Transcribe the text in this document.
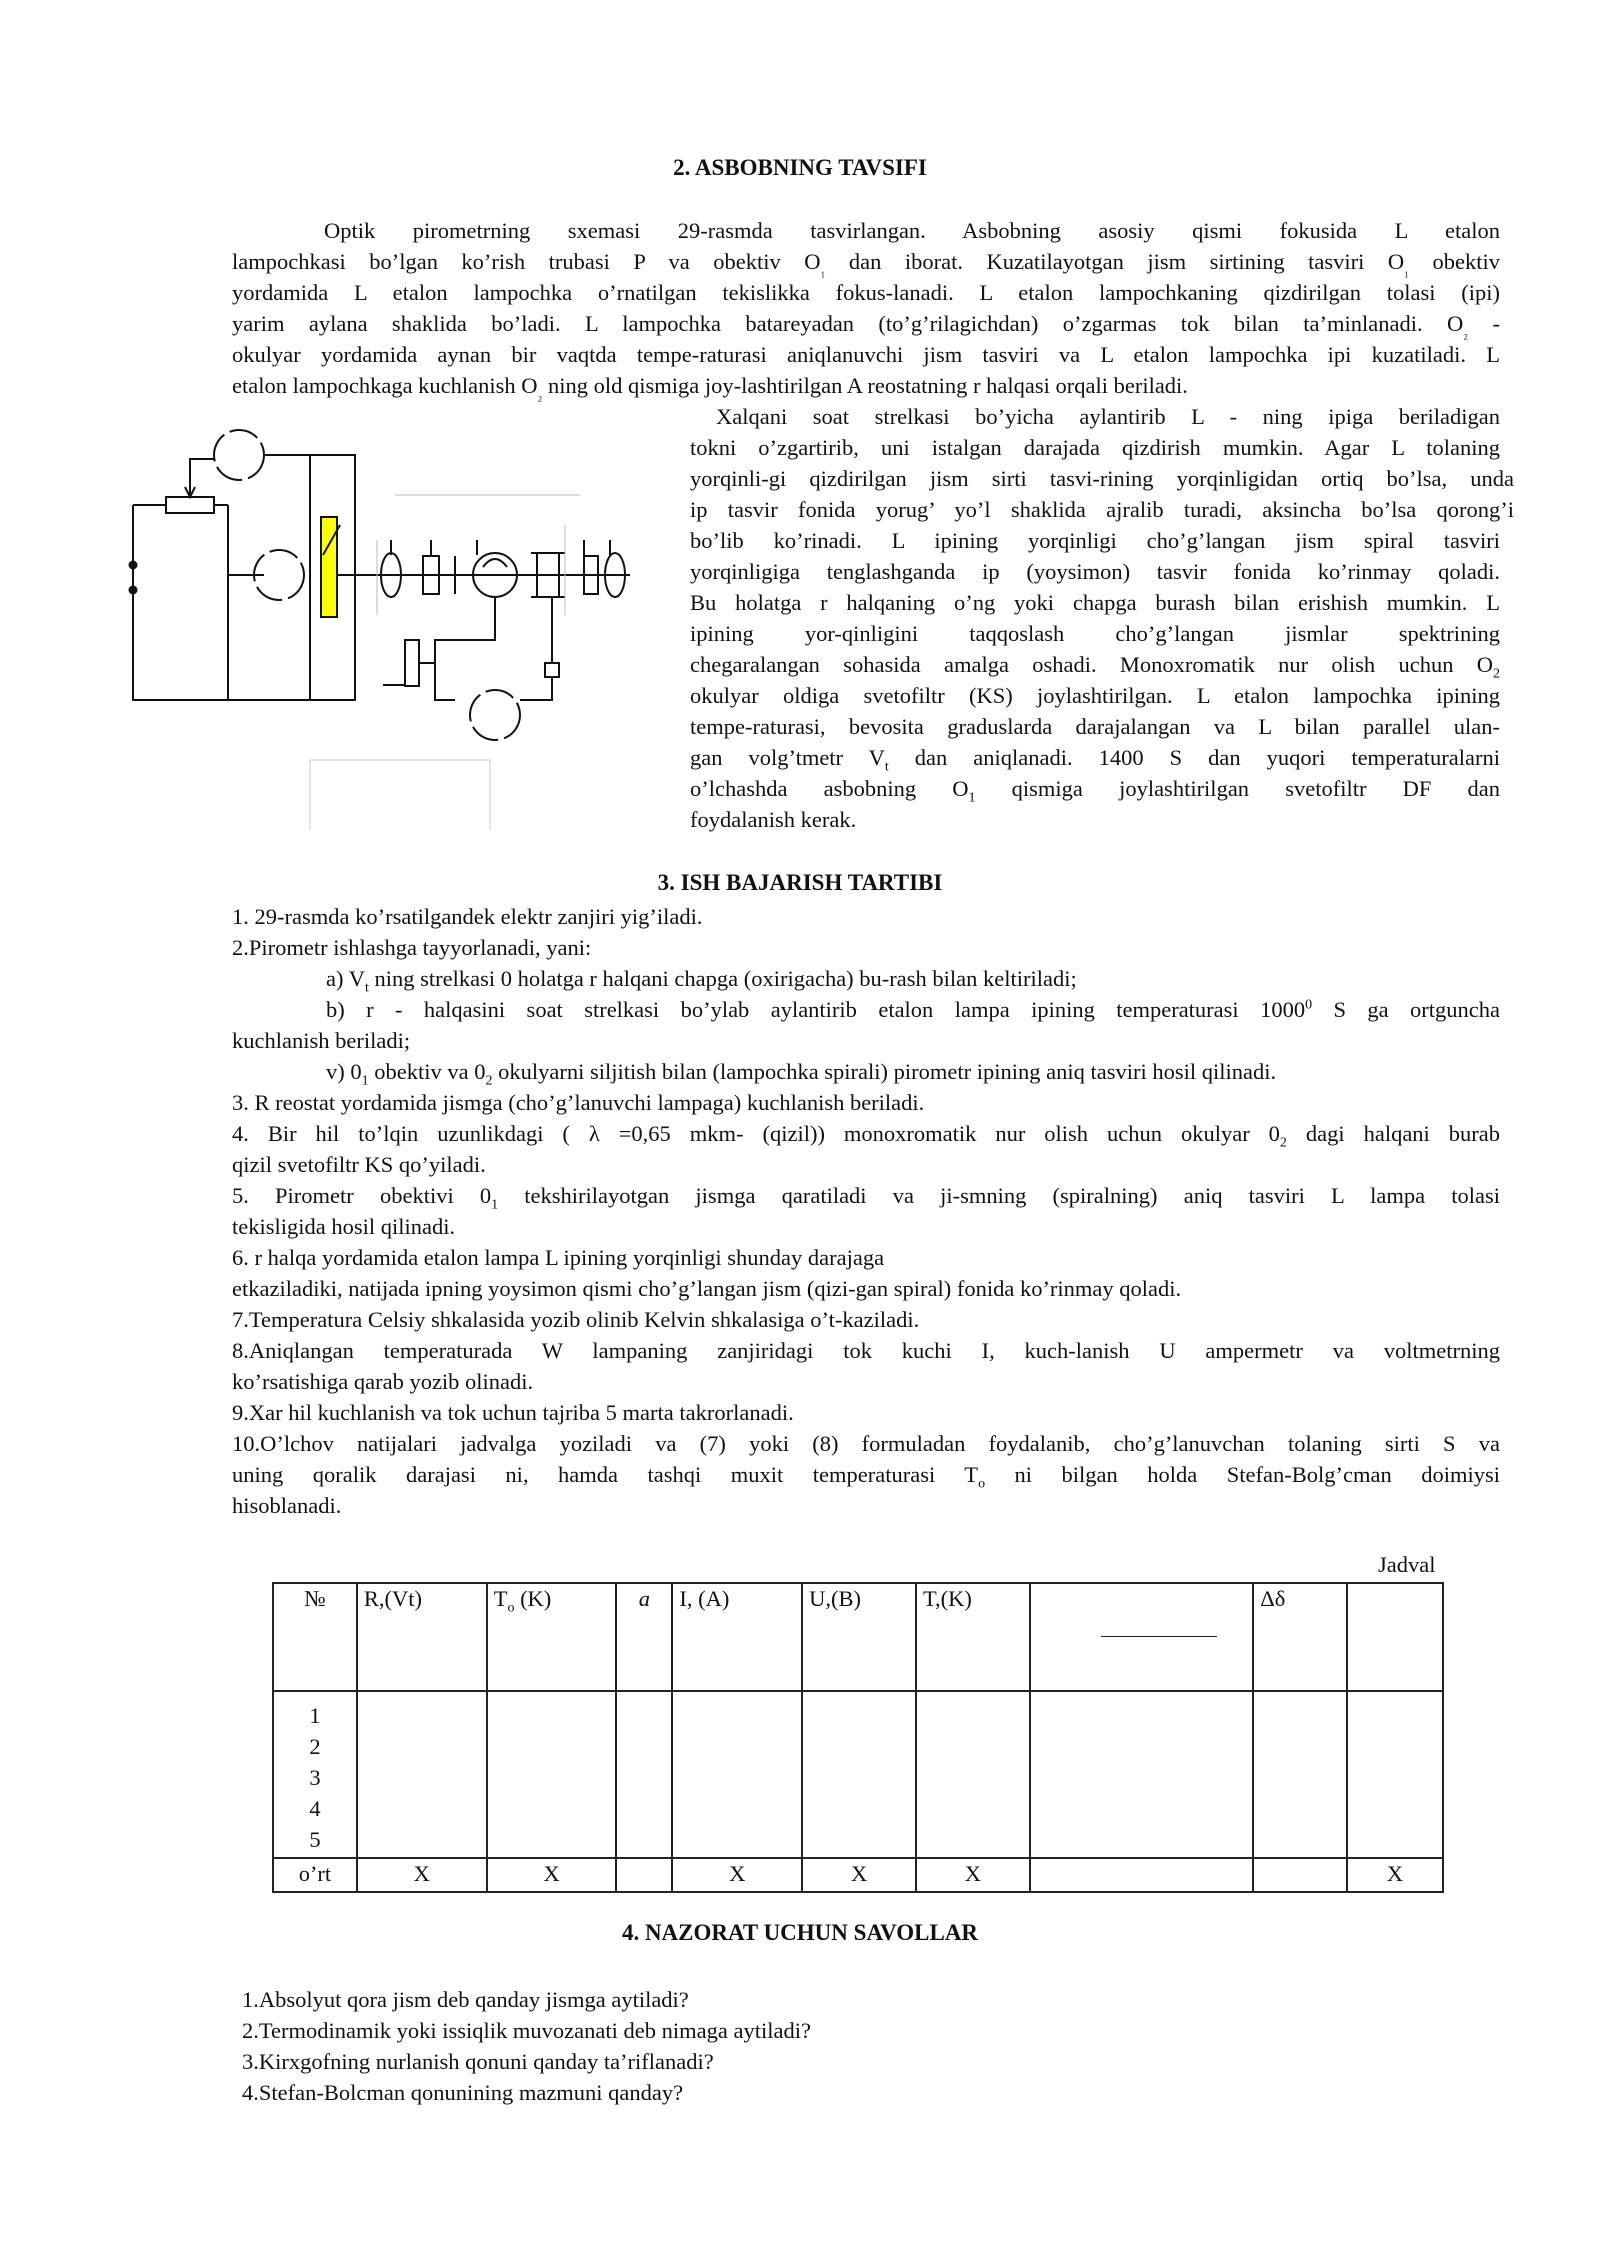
2. ASBOBNING TAVSIFI
Optik pirometrning sxemasi 29-rasmda tasvirlangan. Asbobning asosiy qismi fokusida L etalon
lampochkasi bo’lgan ko’rish trubasi P va obektiv $O_{_1}$ dan iborat. Kuzatilayotgan jism sirtining tasviri $O_{_1}$ obektiv
yordamida L etalon lampochka o’rnatilgan tekislikka fokus-lanadi. L etalon lampochkaning qizdirilgan tolasi (ipi)
yarim aylana shaklida bo’ladi. L lampochka batareyadan (to’g’rilagichdan) o’zgarmas tok bilan ta’minlanadi. $O_{_2}$ -
okulyar yordamida aynan bir vaqtda tempe-raturasi aniqlanuvchi jism tasviri va L etalon lampochka ipi kuzatiladi. L
etalon lampochkaga kuchlanish $O_{_2}$ ning old qismiga joy-lashtirilgan A reostatning r halqasi orqali beriladi.
Xalqani soat strelkasi bo’yicha aylantirib L - ning ipiga beriladigan
tokni o’zgartirib, uni istalgan darajada qizdirish mumkin. Agar L tolaning
yorqinli-gi qizdirilgan jism sirti tasvi-rining yorqinligidan ortiq bo’lsa, unda
ip tasvir fonida yorug’ yo’l shaklida ajralib turadi, aksincha bo’lsa qorong’i
bo’lib ko’rinadi. L ipining yorqinligi cho’g’langan jism spiral tasviri
yorqinligiga tenglashganda ip (yoysimon) tasvir fonida ko’rinmay qoladi.
Bu holatga r halqaning o’ng yoki chapga burash bilan erishish mumkin. L
ipining yor-qinligini taqqoslash cho’g’langan jismlar spektrining
chegaralangan sohasida amalga oshadi. Monoxromatik nur olish uchun $O_2$
okulyar oldiga svetofiltr (KS) joylashtirilgan. L etalon lampochka ipining
tempe-raturasi, bevosita graduslarda darajalangan va L bilan parallel ulan-
gan volg’tmetr $V_t$ dan aniqlanadi. 1400 S dan yuqori temperaturalarni
o’lchashda asbobning $O_1$ qismiga joylashtirilgan svetofiltr DF dan
foydalanish kerak.
3. ISH BAJARISH TARTIBI
1. 29-rasmda ko’rsatilgandek elektr zanjiri yig’iladi.
2.Pirometr ishlashga tayyorlanadi, yani:
a) $V_t$ ning strelkasi 0 holatga r halqani chapga (oxirigacha) bu-rash bilan keltiriladi;
b) r - halqasini soat strelkasi bo’ylab aylantirib etalon lampa ipining temperaturasi 1000$^0$ S ga ortguncha
kuchlanish beriladi;
v) $0_1$ obektiv va $0_2$ okulyarni siljitish bilan (lampochka spirali) pirometr ipining aniq tasviri hosil qilinadi.
3. R reostat yordamida jismga (cho’g’lanuvchi lampaga) kuchlanish beriladi.
4. Bir hil to’lqin uzunlikdagi ( λ =0,65 mkm- (qizil)) monoxromatik nur olish uchun okulyar $0_2$ dagi halqani burab
qizil svetofiltr KS qo’yiladi.
5. Pirometr obektivi $0_1$ tekshirilayotgan jismga qaratiladi va ji-smning (spiralning) aniq tasviri L lampa tolasi
tekisligida hosil qilinadi.
6. r halqa yordamida etalon lampa L ipining yorqinligi shunday darajaga
etkaziladiki, natijada ipning yoysimon qismi cho’g’langan jism (qizi-gan spiral) fonida ko’rinmay qoladi.
7.Temperatura Celsiy shkalasida yozib olinib Kelvin shkalasiga o’t-kaziladi.
8.Aniqlangan temperaturada W lampaning zanjiridagi tok kuchi I, kuch-lanish U ampermetr va voltmetrning
ko’rsatishiga qarab yozib olinadi.
9.Xar hil kuchlanish va tok uchun tajriba 5 marta takrorlanadi.
10.O’lchov natijalari jadvalga yoziladi va (7) yoki (8) formuladan foydalanib, cho’g’lanuvchan tolaning sirti S va
uning qoralik darajasi ni, hamda tashqi muxit temperaturasi $T_o$ ni bilgan holda Stefan-Bolg’cman doimiysi
hisoblanadi.
Jadval
№	R,(Vt)	$T_o$ (K)	a	I, (A)	U,(B)	T,(K)		Δδ	

1
2
3
4
5									

o’rt	X	X		X	X	X			X
4. NAZORAT UCHUN SAVOLLAR
1.Absolyut qora jism deb qanday jismga aytiladi?
2.Termodinamik yoki issiqlik muvozanati deb nimaga aytiladi?
3.Kirxgofning nurlanish qonuni qanday ta’riflanadi?
4.Stefan-Bolcman qonunining mazmuni qanday?
